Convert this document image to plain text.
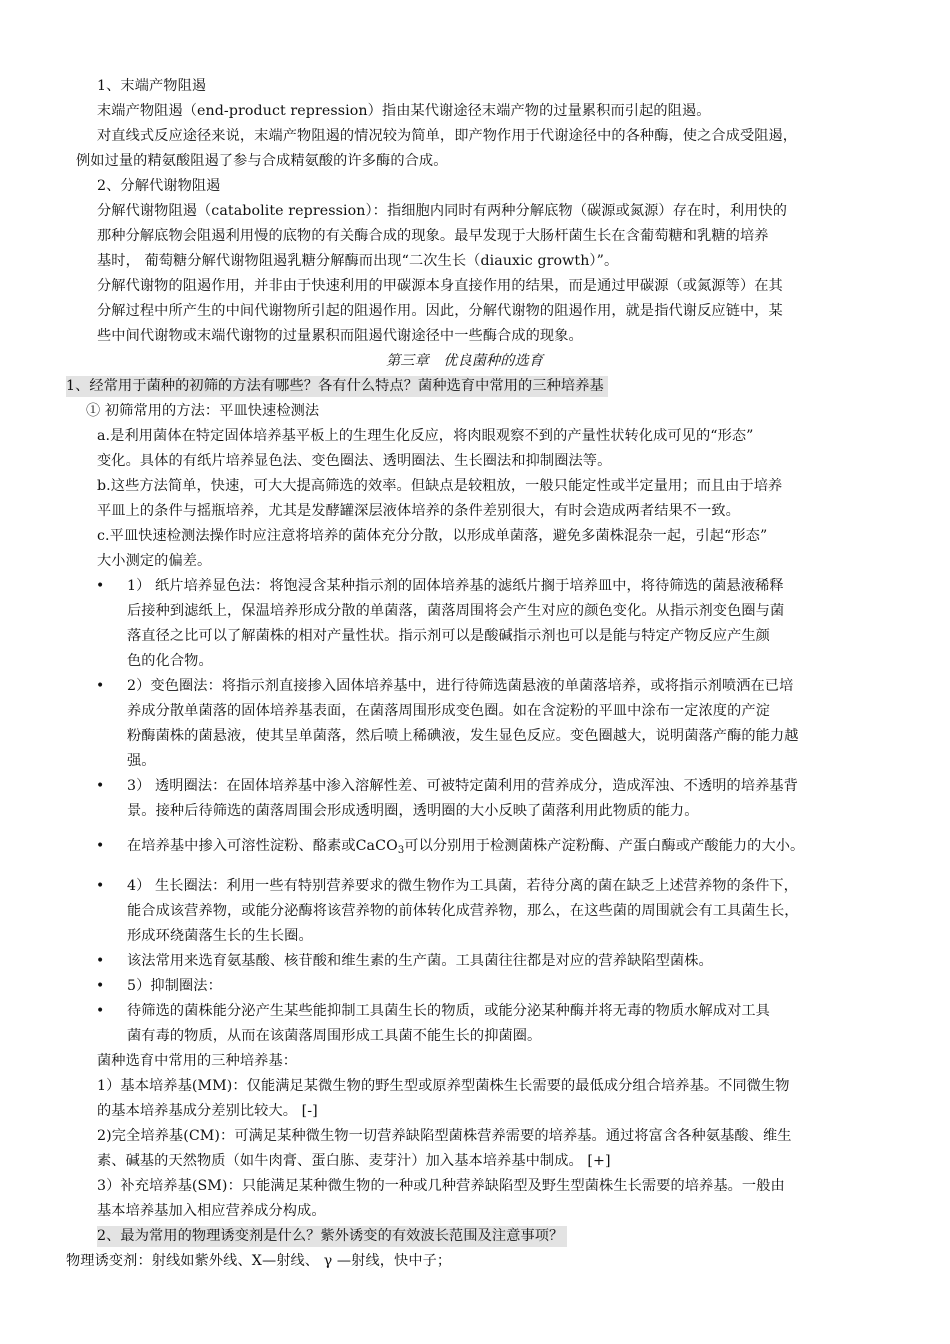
1、末端产物阻遏
末端产物阻遏（end-product repression）指由某代谢途径末端产物的过量累积而引起的阻遏。
对直线式反应途径来说，末端产物阻遏的情况较为简单，即产物作用于代谢途径中的各种酶，使之合成受阻遏，
例如过量的精氨酸阻遏了参与合成精氨酸的许多酶的合成。
2、分解代谢物阻遏
分解代谢物阻遏（catabolite repression）：指细胞内同时有两种分解底物（碳源或氮源）存在时，利用快的
那种分解底物会阻遏利用慢的底物的有关酶合成的现象。最早发现于大肠杆菌生长在含葡萄糖和乳糖的培养
基时， 葡萄糖分解代谢物阻遏乳糖分解酶而出现“二次生长（diauxic growth）”。
分解代谢物的阻遏作用，并非由于快速利用的甲碳源本身直接作用的结果，而是通过甲碳源（或氮源等）在其
分解过程中所产生的中间代谢物所引起的阻遏作用。因此，分解代谢物的阻遏作用，就是指代谢反应链中，某
些中间代谢物或末端代谢物的过量累积而阻遏代谢途径中一些酶合成的现象。
第三章　优良菌种的选育
1、经常用于菌种的初筛的方法有哪些？各有什么特点？菌种选育中常用的三种培养基
① 初筛常用的方法：平皿快速检测法
a.是利用菌体在特定固体培养基平板上的生理生化反应，将肉眼观察不到的产量性状转化成可见的“形态”
变化。具体的有纸片培养显色法、变色圈法、透明圈法、生长圈法和抑制圈法等。
b.这些方法简单，快速，可大大提高筛选的效率。但缺点是较粗放，一般只能定性或半定量用；而且由于培养
平皿上的条件与摇瓶培养，尤其是发酵罐深层液体培养的条件差别很大，有时会造成两者结果不一致。
c.平皿快速检测法操作时应注意将培养的菌体充分分散，以形成单菌落，避免多菌株混杂一起，引起“形态”
大小测定的偏差。
• 1） 纸片培养显色法：将饱浸含某种指示剂的固体培养基的滤纸片搁于培养皿中，将待筛选的菌悬液稀释
后接种到滤纸上，保温培养形成分散的单菌落，菌落周围将会产生对应的颜色变化。从指示剂变色圈与菌
落直径之比可以了解菌株的相对产量性状。指示剂可以是酸碱指示剂也可以是能与特定产物反应产生颜
色的化合物。
• 2）变色圈法：将指示剂直接掺入固体培养基中，进行待筛选菌悬液的单菌落培养，或将指示剂喷洒在已培
养成分散单菌落的固体培养基表面，在菌落周围形成变色圈。如在含淀粉的平皿中涂布一定浓度的产淀
粉酶菌株的菌悬液，使其呈单菌落，然后喷上稀碘液，发生显色反应。变色圈越大，说明菌落产酶的能力越
强。
• 3） 透明圈法：在固体培养基中渗入溶解性差、可被特定菌利用的营养成分，造成浑浊、不透明的培养基背
景。接种后待筛选的菌落周围会形成透明圈，透明圈的大小反映了菌落利用此物质的能力。
• 在培养基中掺入可溶性淀粉、酪素或CaCO$_3$可以分别用于检测菌株产淀粉酶、产蛋白酶或产酸能力的大小。
• 4） 生长圈法：利用一些有特别营养要求的微生物作为工具菌，若待分离的菌在缺乏上述营养物的条件下，
能合成该营养物，或能分泌酶将该营养物的前体转化成营养物，那么，在这些菌的周围就会有工具菌生长，
形成环绕菌落生长的生长圈。
• 该法常用来选育氨基酸、核苷酸和维生素的生产菌。工具菌往往都是对应的营养缺陷型菌株。
• 5）抑制圈法：
• 待筛选的菌株能分泌产生某些能抑制工具菌生长的物质，或能分泌某种酶并将无毒的物质水解成对工具
菌有毒的物质，从而在该菌落周围形成工具菌不能生长的抑菌圈。
菌种选育中常用的三种培养基：
1）基本培养基(MM)：仅能满足某微生物的野生型或原养型菌株生长需要的最低成分组合培养基。不同微生物
的基本培养基成分差别比较大。 [-]
2)完全培养基(CM)：可满足某种微生物一切营养缺陷型菌株营养需要的培养基。通过将富含各种氨基酸、维生
素、碱基的天然物质（如牛肉膏、蛋白胨、麦芽汁）加入基本培养基中制成。 [+]
3）补充培养基(SM)：只能满足某种微生物的一种或几种营养缺陷型及野生型菌株生长需要的培养基。一般由
基本培养基加入相应营养成分构成。
2、最为常用的物理诱变剂是什么？紫外诱变的有效波长范围及注意事项？
物理诱变剂：射线如紫外线、X—射线、 γ —射线，快中子；
